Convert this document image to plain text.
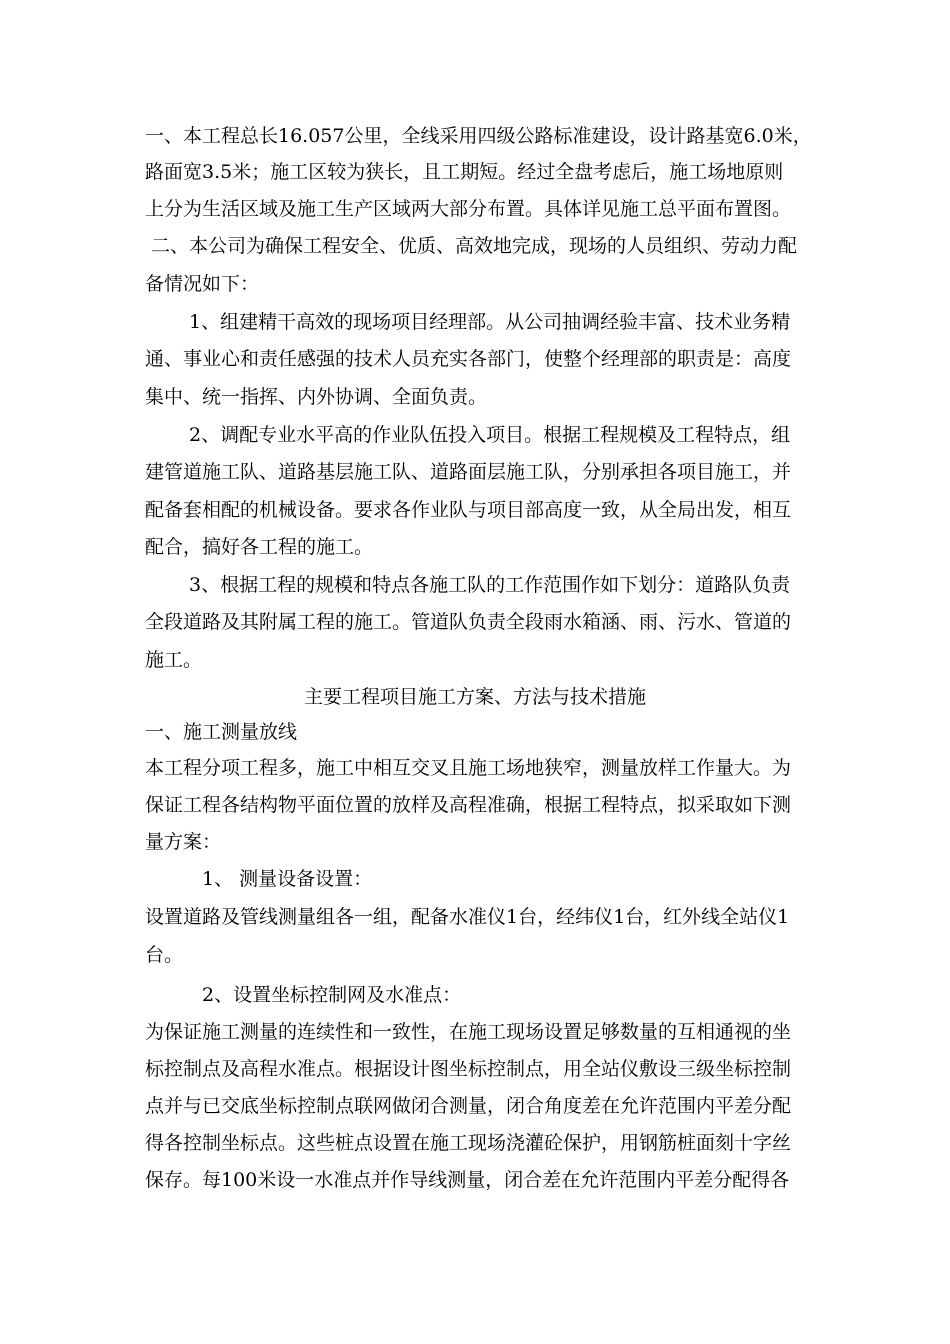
一、本工程总长16.057公里，全线采用四级公路标准建设，设计路基宽6.0米，
路面宽3.5米；施工区较为狭长，且工期短。经过全盘考虑后，施工场地原则
上分为生活区域及施工生产区域两大部分布置。具体详见施工总平面布置图。
二、本公司为确保工程安全、优质、高效地完成，现场的人员组织、劳动力配
备情况如下：
1、组建精干高效的现场项目经理部。从公司抽调经验丰富、技术业务精
通、事业心和责任感强的技术人员充实各部门，使整个经理部的职责是：高度
集中、统一指挥、内外协调、全面负责。
2、调配专业水平高的作业队伍投入项目。根据工程规模及工程特点，组
建管道施工队、道路基层施工队、道路面层施工队，分别承担各项目施工，并
配备套相配的机械设备。要求各作业队与项目部高度一致，从全局出发，相互
配合，搞好各工程的施工。
3、根据工程的规模和特点各施工队的工作范围作如下划分：道路队负责
全段道路及其附属工程的施工。管道队负责全段雨水箱涵、雨、污水、管道的
施工。
主要工程项目施工方案、方法与技术措施
一、施工测量放线
本工程分项工程多，施工中相互交叉且施工场地狭窄，测量放样工作量大。为
保证工程各结构物平面位置的放样及高程准确，根据工程特点，拟采取如下测
量方案：
1、 测量设备设置：
设置道路及管线测量组各一组，配备水准仪1台，经纬仪1台，红外线全站仪1
台。
2、设置坐标控制网及水准点：
为保证施工测量的连续性和一致性，在施工现场设置足够数量的互相通视的坐
标控制点及高程水准点。根据设计图坐标控制点，用全站仪敷设三级坐标控制
点并与已交底坐标控制点联网做闭合测量，闭合角度差在允许范围内平差分配
得各控制坐标点。这些桩点设置在施工现场浇灌砼保护，用钢筋桩面刻十字丝
保存。每100米设一水准点并作导线测量，闭合差在允许范围内平差分配得各
